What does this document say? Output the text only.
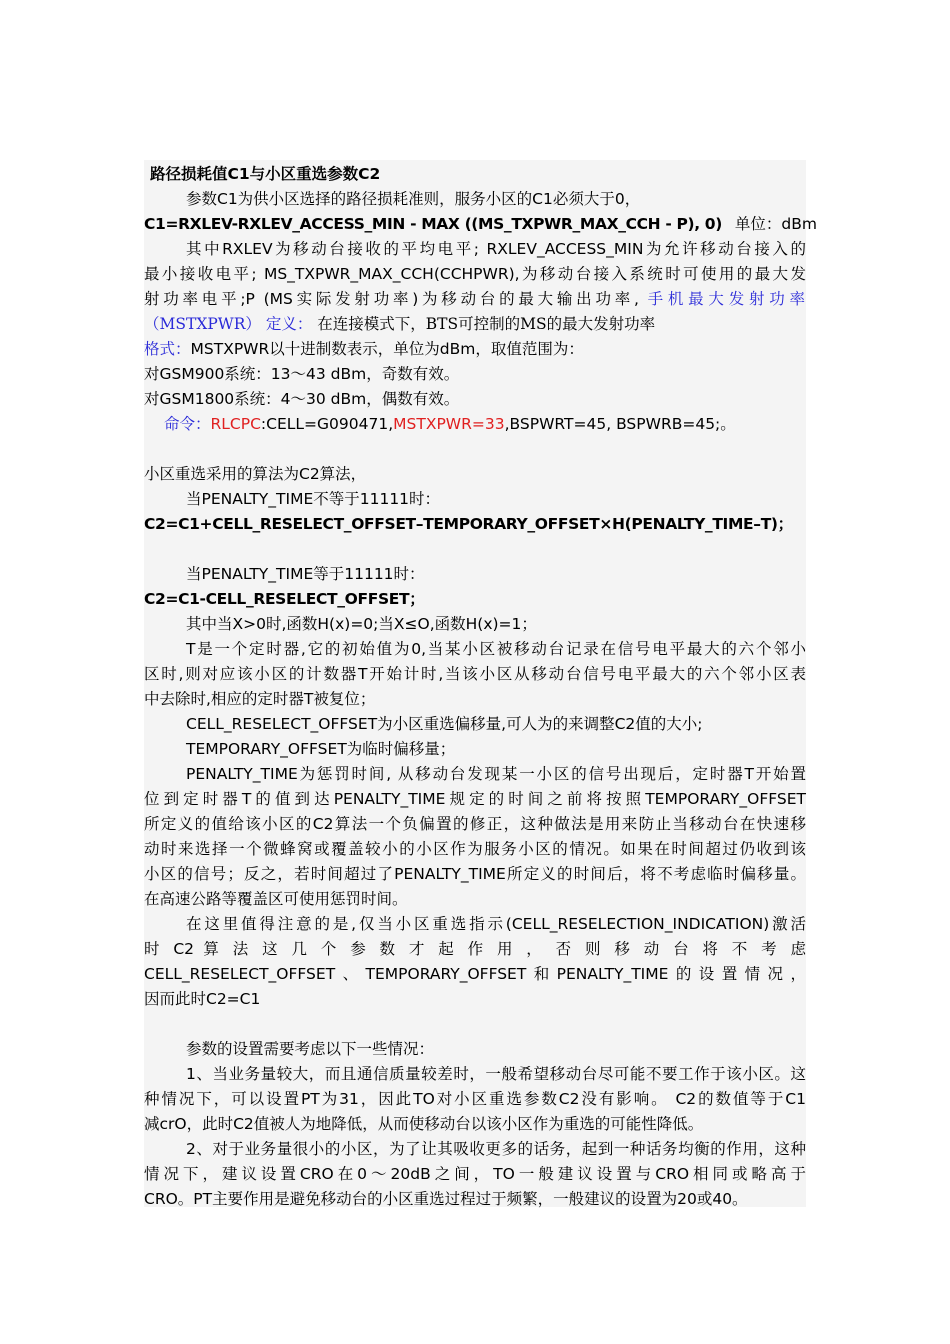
路径损耗值C1与小区重选参数C2
参数C1为供小区选择的路径损耗准则，服务小区的C1必须大于0，
C1=RXLEV-RXLEV_ACCESS_MIN - MAX ((MS_TXPWR_MAX_CCH - P), 0) 单位：dBm
其中RXLEV为移动台接收的平均电平; RXLEV_ACCESS_MIN为允许移动台接入的
最小接收电平; MS_TXPWR_MAX_CCH(CCHPWR),为移动台接入系统时可使用的最大发
射功率电平;P (MS实际发射功率)为移动台的最大输出功率, 手机最大发射功率
（MSTXPWR） 定义： 在连接模式下，BTS可控制的MS的最大发射功率
格式：MSTXPWR以十进制数表示，单位为dBm，取值范围为：
对GSM900系统：13～43 dBm，奇数有效。
对GSM1800系统：4～30 dBm，偶数有效。
命令：RLCPC:CELL=G090471,MSTXPWR=33,BSPWRT=45, BSPWRB=45;。
小区重选采用的算法为C2算法，
当PENALTY_TIME不等于11111时：
C2=C1+CELL_RESELECT_OFFSET–TEMPORARY_OFFSET×H(PENALTY_TIME–T)；
当PENALTY_TIME等于11111时：
C2=C1-CELL_RESELECT_OFFSET；
其中当X>0时,函数H(x)=0;当X≤O,函数H(x)=1；
T是一个定时器,它的初始值为0,当某小区被移动台记录在信号电平最大的六个邻小
区时,则对应该小区的计数器T开始计时,当该小区从移动台信号电平最大的六个邻小区表
中去除时,相应的定时器T被复位；
CELL_RESELECT_OFFSET为小区重选偏移量,可人为的来调整C2值的大小;
TEMPORARY_OFFSET为临时偏移量；
PENALTY_TIME为惩罚时间, 从移动台发现某一小区的信号出现后，定时器T开始置
位到定时器T的值到达PENALTY_TIME规定的时间之前将按照TEMPORARY_OFFSET
所定义的值给该小区的C2算法一个负偏置的修正，这种做法是用来防止当移动台在快速移
动时来选择一个微蜂窝或覆盖较小的小区作为服务小区的情况。如果在时间超过仍收到该
小区的信号；反之，若时间超过了PENALTY_TIME所定义的时间后，将不考虑临时偏移量。
在高速公路等覆盖区可使用惩罚时间。
在这里值得注意的是,仅当小区重选指示(CELL_RESELECTION_INDICATION)激活
时 C2 算 法 这 几 个 参 数 才 起 作 用 ， 否 则 移 动 台 将 不 考 虑
CELL_RESELECT_OFFSET、TEMPORARY_OFFSET和PENALTY_TIME的设置情况，
因而此时C2=C1
参数的设置需要考虑以下一些情况：
1、当业务量较大，而且通信质量较差时，一般希望移动台尽可能不要工作于该小区。这
种情况下，可以设置PT为31，因此TO对小区重选参数C2没有影响。 C2的数值等于C1
减crO，此时C2值被人为地降低，从而使移动台以该小区作为重选的可能性降低。
2、对于业务量很小的小区，为了让其吸收更多的话务，起到一种话务均衡的作用，这种
情况下，建议设置CRO在0～20dB之间，TO一般建议设置与CRO相同或略高于
CRO。PT主要作用是避免移动台的小区重选过程过于频繁，一般建议的设置为20或40。
